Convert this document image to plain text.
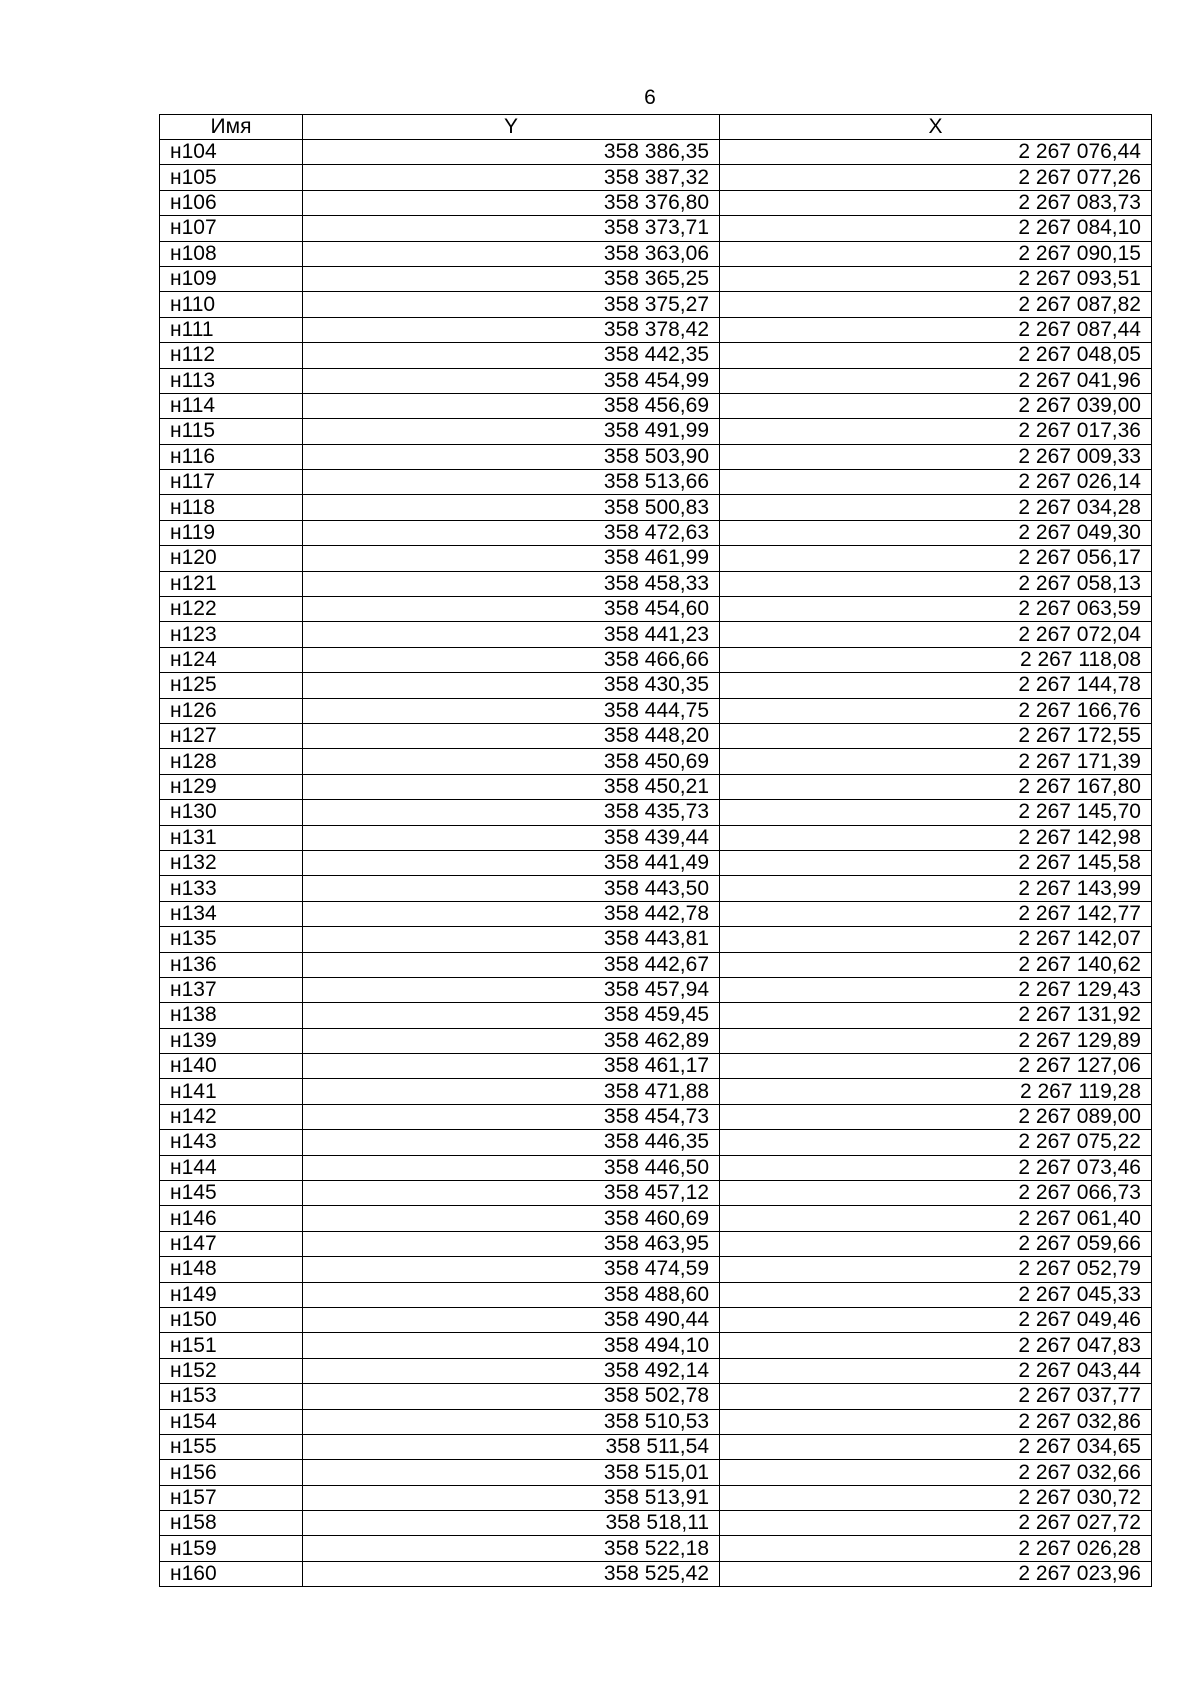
6
Имя	Y	X
н104	358 386,35	2 267 076,44
н105	358 387,32	2 267 077,26
н106	358 376,80	2 267 083,73
н107	358 373,71	2 267 084,10
н108	358 363,06	2 267 090,15
н109	358 365,25	2 267 093,51
н110	358 375,27	2 267 087,82
н111	358 378,42	2 267 087,44
н112	358 442,35	2 267 048,05
н113	358 454,99	2 267 041,96
н114	358 456,69	2 267 039,00
н115	358 491,99	2 267 017,36
н116	358 503,90	2 267 009,33
н117	358 513,66	2 267 026,14
н118	358 500,83	2 267 034,28
н119	358 472,63	2 267 049,30
н120	358 461,99	2 267 056,17
н121	358 458,33	2 267 058,13
н122	358 454,60	2 267 063,59
н123	358 441,23	2 267 072,04
н124	358 466,66	2 267 118,08
н125	358 430,35	2 267 144,78
н126	358 444,75	2 267 166,76
н127	358 448,20	2 267 172,55
н128	358 450,69	2 267 171,39
н129	358 450,21	2 267 167,80
н130	358 435,73	2 267 145,70
н131	358 439,44	2 267 142,98
н132	358 441,49	2 267 145,58
н133	358 443,50	2 267 143,99
н134	358 442,78	2 267 142,77
н135	358 443,81	2 267 142,07
н136	358 442,67	2 267 140,62
н137	358 457,94	2 267 129,43
н138	358 459,45	2 267 131,92
н139	358 462,89	2 267 129,89
н140	358 461,17	2 267 127,06
н141	358 471,88	2 267 119,28
н142	358 454,73	2 267 089,00
н143	358 446,35	2 267 075,22
н144	358 446,50	2 267 073,46
н145	358 457,12	2 267 066,73
н146	358 460,69	2 267 061,40
н147	358 463,95	2 267 059,66
н148	358 474,59	2 267 052,79
н149	358 488,60	2 267 045,33
н150	358 490,44	2 267 049,46
н151	358 494,10	2 267 047,83
н152	358 492,14	2 267 043,44
н153	358 502,78	2 267 037,77
н154	358 510,53	2 267 032,86
н155	358 511,54	2 267 034,65
н156	358 515,01	2 267 032,66
н157	358 513,91	2 267 030,72
н158	358 518,11	2 267 027,72
н159	358 522,18	2 267 026,28
н160	358 525,42	2 267 023,96
